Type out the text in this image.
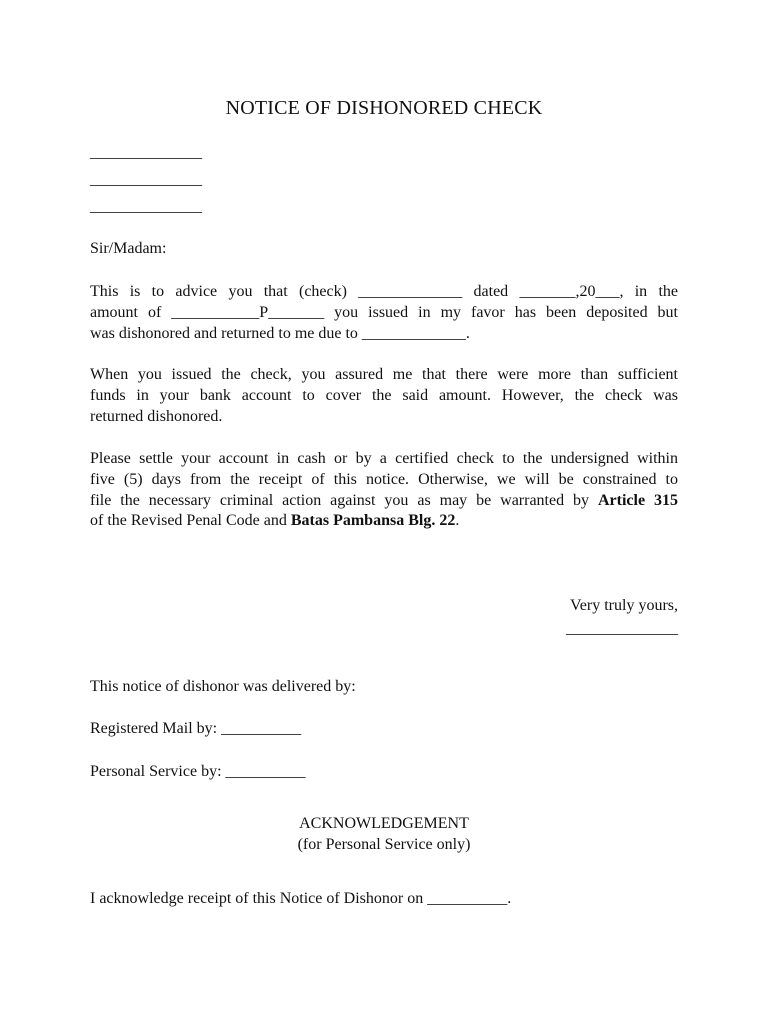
NOTICE OF DISHONORED CHECK
______________
______________
______________
Sir/Madam:
This is to advice you that (check) _____________ dated _______,20___, in the
amount of ___________P_______ you issued in my favor has been deposited but
was dishonored and returned to me due to _____________.
When you issued the check, you assured me that there were more than sufficient
funds in your bank account to cover the said amount. However, the check was
returned dishonored.
Please settle your account in cash or by a certified check to the undersigned within
five (5) days from the receipt of this notice. Otherwise, we will be constrained to
file the necessary criminal action against you as may be warranted by Article 315
of the Revised Penal Code and Batas Pambansa Blg. 22.
Very truly yours,
______________
This notice of dishonor was delivered by:
Registered Mail by: __________
Personal Service by: __________
ACKNOWLEDGEMENT
(for Personal Service only)
I acknowledge receipt of this Notice of Dishonor on __________.
